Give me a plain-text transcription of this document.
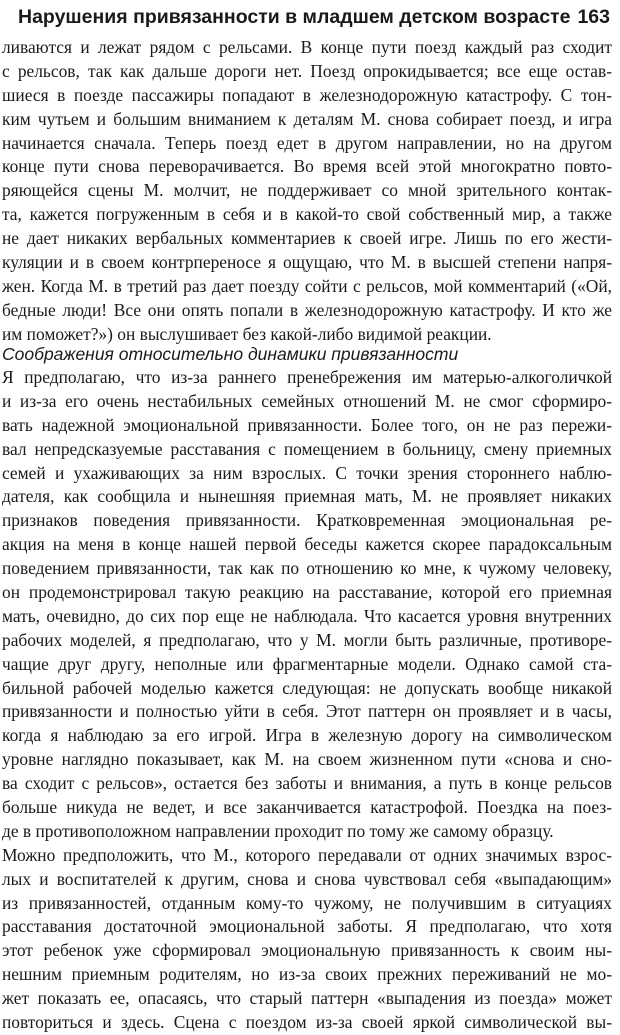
Нарушения привязанности в младшем детском возрасте 163
ливаются и лежат рядом с рельсами. В конце пути поезд каждый раз сходит
с рельсов, так как дальше дороги нет. Поезд опрокидывается; все еще остав-
шиеся в поезде пассажиры попадают в железнодорожную катастрофу. С тон-
ким чутьем и большим вниманием к деталям М. снова собирает поезд, и игра
начинается сначала. Теперь поезд едет в другом направлении, но на другом
конце пути снова переворачивается. Во время всей этой многократно повто-
ряющейся сцены М. молчит, не поддерживает со мной зрительного контак-
та, кажется погруженным в себя и в какой-то свой собственный мир, а также
не дает никаких вербальных комментариев к своей игре. Лишь по его жести-
куляции и в своем контрпереносе я ощущаю, что М. в высшей степени напря-
жен. Когда М. в третий раз дает поезду сойти с рельсов, мой комментарий («Ой,
бедные люди! Все они опять попали в железнодорожную катастрофу. И кто же
им поможет?») он выслушивает без какой-либо видимой реакции.
Соображения относительно динамики привязанности
Я предполагаю, что из-за раннего пренебрежения им матерью-алкоголичкой
и из-за его очень нестабильных семейных отношений М. не смог сформиро-
вать надежной эмоциональной привязанности. Более того, он не раз пережи-
вал непредсказуемые расставания с помещением в больницу, смену приемных
семей и ухаживающих за ним взрослых. С точки зрения стороннего наблю-
дателя, как сообщила и нынешняя приемная мать, М. не проявляет никаких
признаков поведения привязанности. Кратковременная эмоциональная ре-
акция на меня в конце нашей первой беседы кажется скорее парадоксальным
поведением привязанности, так как по отношению ко мне, к чужому человеку,
он продемонстрировал такую реакцию на расставание, которой его приемная
мать, очевидно, до сих пор еще не наблюдала. Что касается уровня внутренних
рабочих моделей, я предполагаю, что у М. могли быть различные, противоре-
чащие друг другу, неполные или фрагментарные модели. Однако самой ста-
бильной рабочей моделью кажется следующая: не допускать вообще никакой
привязанности и полностью уйти в себя. Этот паттерн он проявляет и в часы,
когда я наблюдаю за его игрой. Игра в железную дорогу на символическом
уровне наглядно показывает, как М. на своем жизненном пути «снова и сно-
ва сходит с рельсов», остается без заботы и внимания, а путь в конце рельсов
больше никуда не ведет, и все заканчивается катастрофой. Поездка на поез-
де в противоположном направлении проходит по тому же самому образцу.
Можно предположить, что М., которого передавали от одних значимых взрос-
лых и воспитателей к другим, снова и снова чувствовал себя «выпадающим»
из привязанностей, отданным кому-то чужому, не получившим в ситуациях
расставания достаточной эмоциональной заботы. Я предполагаю, что хотя
этот ребенок уже сформировал эмоциональную привязанность к своим ны-
нешним приемным родителям, но из-за своих прежних переживаний не мо-
жет показать ее, опасаясь, что старый паттерн «выпадения из поезда» может
повториться и здесь. Сцена с поездом из-за своей яркой символической вы-
